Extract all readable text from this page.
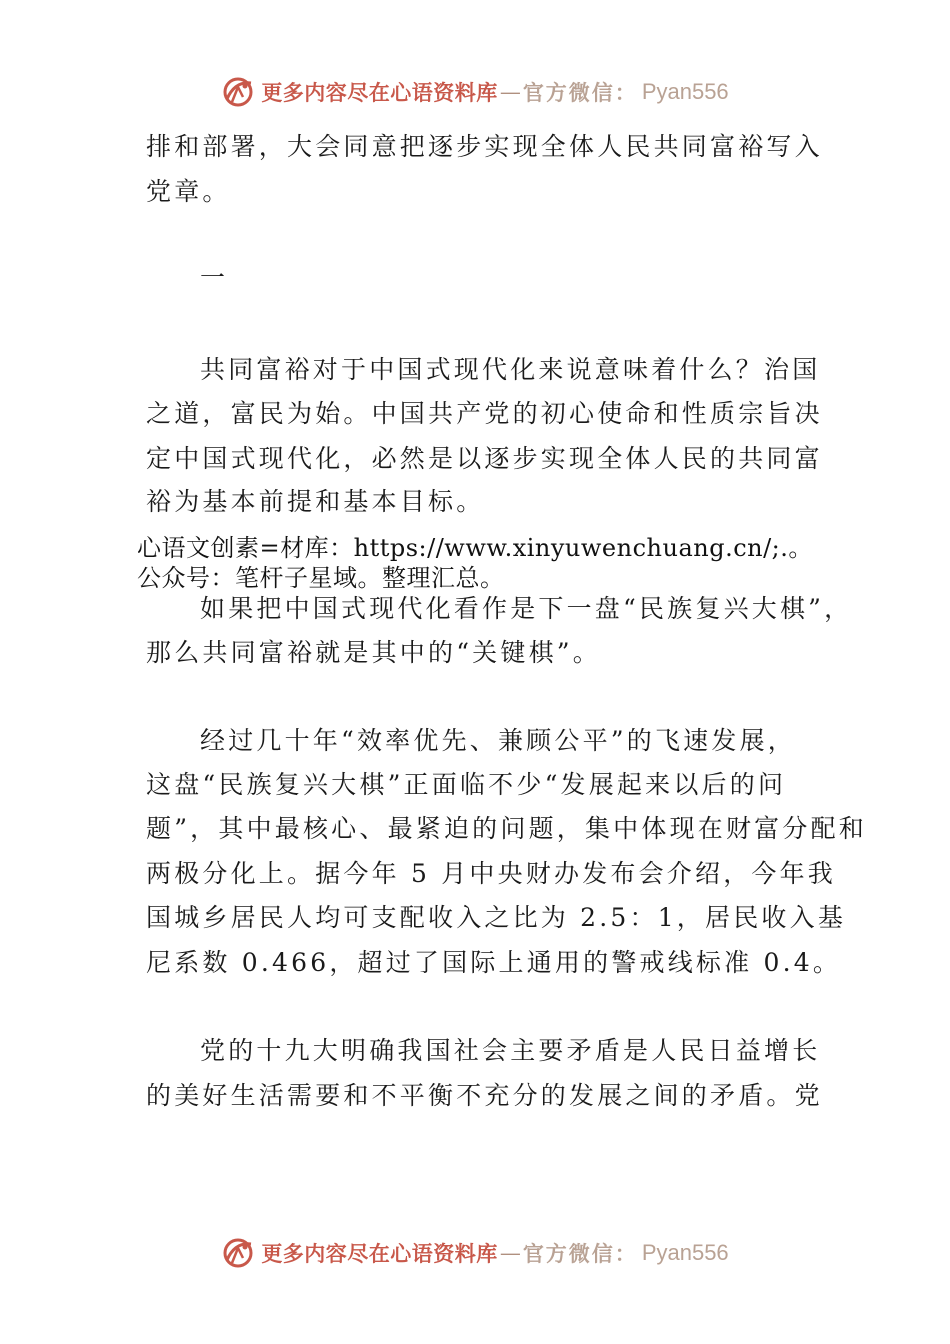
更多内容尽在心语资料库 — 官方微信： Pyan556
排和部署，大会同意把逐步实现全体人民共同富裕写入
党章。
一
共同富裕对于中国式现代化来说意味着什么？治国
之道，富民为始。中国共产党的初心使命和性质宗旨决
定中国式现代化，必然是以逐步实现全体人民的共同富
裕为基本前提和基本目标。
心语文创素=材库：https://www.xinyuwenchuang.cn/;.。
公众号：笔杆子星域。整理汇总。
如果把中国式现代化看作是下一盘“民族复兴大棋”，
那么共同富裕就是其中的“关键棋”。
经过几十年“效率优先、兼顾公平”的飞速发展，
这盘“民族复兴大棋”正面临不少“发展起来以后的问
题”，其中最核心、最紧迫的问题，集中体现在财富分配和
两极分化上。据今年 5 月中央财办发布会介绍，今年我
国城乡居民人均可支配收入之比为 2.5：1，居民收入基
尼系数 0.466，超过了国际上通用的警戒线标准 0.4。
党的十九大明确我国社会主要矛盾是人民日益增长
的美好生活需要和不平衡不充分的发展之间的矛盾。党
更多内容尽在心语资料库 — 官方微信： Pyan556
